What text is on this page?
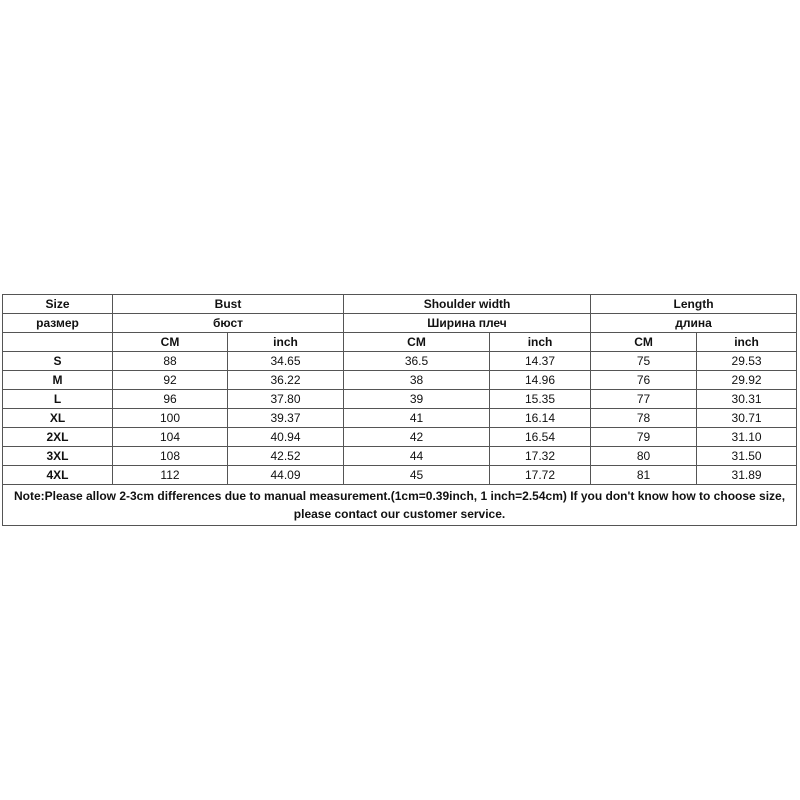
Size	Bust		Shoulder width		Length	
размер	бюст		Ширина плеч		длина	
	CM	inch	CM	inch	CM	inch
S	88	34.65	36.5	14.37	75	29.53
M	92	36.22	38	14.96	76	29.92
L	96	37.80	39	15.35	77	30.31
XL	100	39.37	41	16.14	78	30.71
2XL	104	40.94	42	16.54	79	31.10
3XL	108	42.52	44	17.32	80	31.50
4XL	112	44.09	45	17.72	81	31.89
Note:Please allow 2-3cm differences due to manual measurement.(1cm=0.39inch, 1 inch=2.54cm) If you don't know how to choose size, please contact our customer service.						
